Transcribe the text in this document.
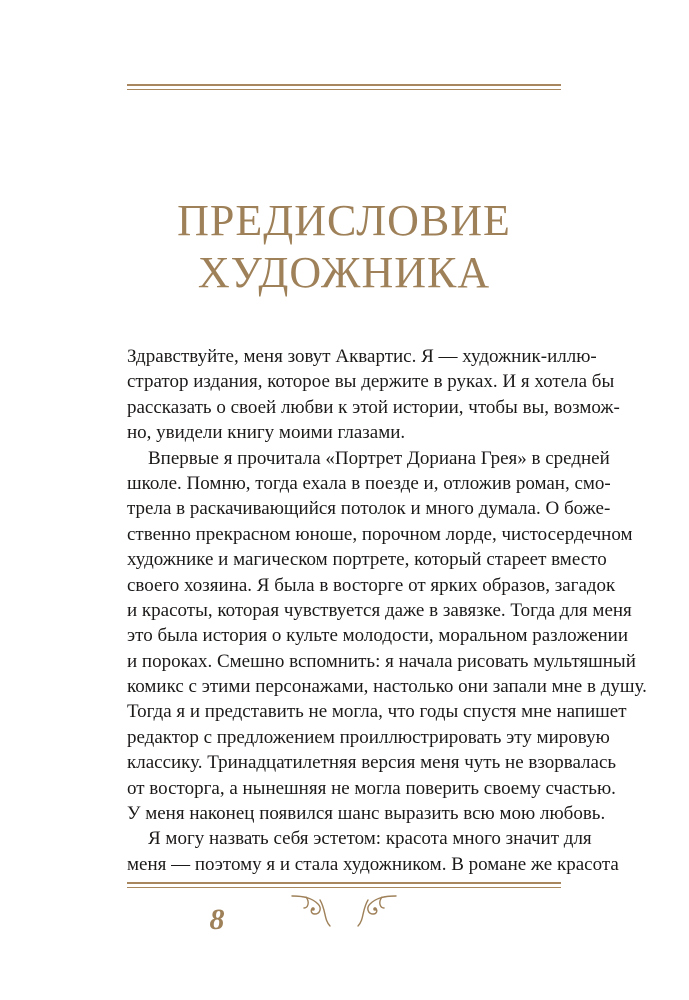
ПРЕДИСЛОВИЕ
ХУДОЖНИКА
Здравствуйте, меня зовут Аквартис. Я — художник-иллю-
стратор издания, которое вы держите в руках. И я хотела бы
рассказать о своей любви к этой истории, чтобы вы, возмож-
но, увидели книгу моими глазами.
Впервые я прочитала «Портрет Дориана Грея» в средней
школе. Помню, тогда ехала в поезде и, отложив роман, смо-
трела в раскачивающийся потолок и много думала. О боже-
ственно прекрасном юноше, порочном лорде, чистосердечном
художнике и магическом портрете, который стареет вместо
своего хозяина. Я была в восторге от ярких образов, загадок
и красоты, которая чувствуется даже в завязке. Тогда для меня
это была история о культе молодости, моральном разложении
и пороках. Смешно вспомнить: я начала рисовать мультяшный
комикс с этими персонажами, настолько они запали мне в душу.
Тогда я и представить не могла, что годы спустя мне напишет
редактор с предложением проиллюстрировать эту мировую
классику. Тринадцатилетняя версия меня чуть не взорвалась
от восторга, а нынешняя не могла поверить своему счастью.
У меня наконец появился шанс выразить всю мою любовь.
Я могу назвать себя эстетом: красота много значит для
меня — поэтому я и стала художником. В романе же красота
8
